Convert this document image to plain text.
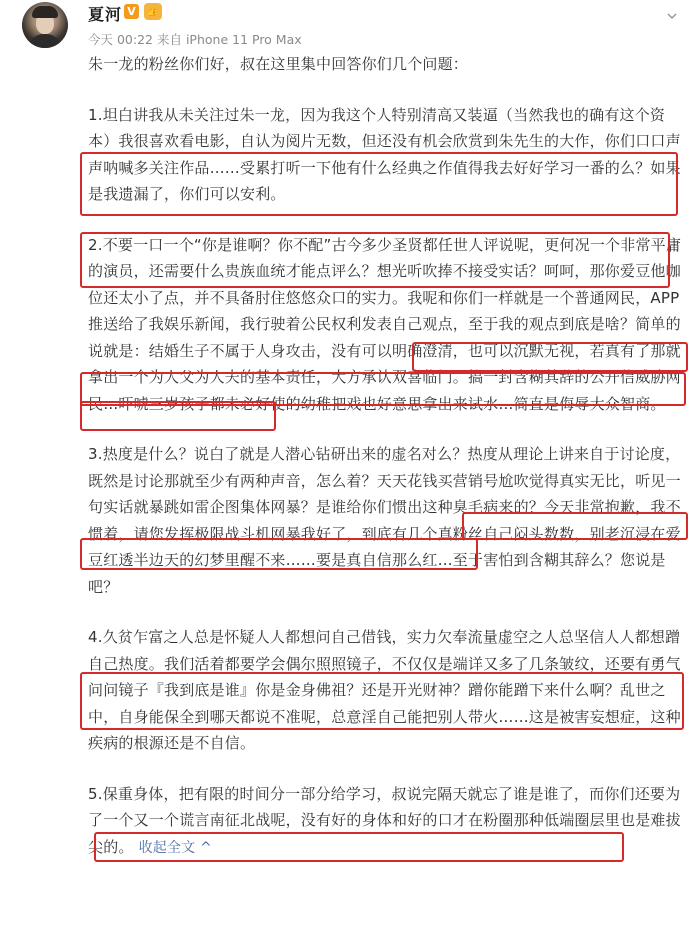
夏河 V	👍
今天 00:22 来自 iPhone 11 Pro Max

朱一龙的粉丝你们好，叔在这里集中回答你们几个问题：

1.坦白讲我从未关注过朱一龙，因为我这个人特别清高又装逼（当然我也的确有这个资本）我很喜欢看电影，自认为阅片无数，但还没有机会欣赏到朱先生的大作，你们口口声声呐喊多关注作品……受累打听一下他有什么经典之作值得我去好好学习一番的么？如果是我遗漏了，你们可以安利。

2.不要一口一个“你是谁啊？你不配”古今多少圣贤都任世人评说呢，更何况一个非常平庸的演员，还需要什么贵族血统才能点评么？想光听吹捧不接受实话？呵呵，那你爱豆他咖位还太小了点，并不具备肘住悠悠众口的实力。我呢和你们一样就是一个普通网民，APP推送给了我娱乐新闻，我行驶着公民权利发表自己观点，至于我的观点到底是啥？简单的说就是：结婚生子不属于人身攻击，没有可以明确澄清，也可以沉默无视，若真有了那就拿出一个为人父为人夫的基本责任，大方承认双喜临门。搞一封含糊其辞的公开信威胁网民…吓唬三岁孩子都未必好使的幼稚把戏也好意思拿出来试水…简直是侮辱大众智商。

3.热度是什么？说白了就是人潜心钻研出来的虚名对么？热度从理论上讲来自于讨论度，既然是讨论那就至少有两种声音，怎么着？天天花钱买营销号尬吹觉得真实无比，听见一句实话就暴跳如雷企图集体网暴？是谁给你们惯出这种臭毛病来的？今天非常抱歉，我不惯着，请您发挥极限战斗机网暴我好了，到底有几个真粉丝自己闷头数数，别老沉浸在爱豆红透半边天的幻梦里醒不来……要是真自信那么红…至于害怕到含糊其辞么？您说是吧？

4.久贫乍富之人总是怀疑人人都想问自己借钱，实力欠奉流量虚空之人总坚信人人都想蹭自己热度。我们活着都要学会偶尔照照镜子，不仅仅是端详又多了几条皱纹，还要有勇气问问镜子『我到底是谁』你是金身佛祖？还是开光财神？蹭你能蹭下来什么啊？乱世之中，自身能保全到哪天都说不准呢，总意淫自己能把别人带火……这是被害妄想症，这种疾病的根源还是不自信。

5.保重身体，把有限的时间分一部分给学习，叔说完隔天就忘了谁是谁了，而你们还要为了一个又一个谎言南征北战呢，没有好的身体和好的口才在粉圈那种低端圈层里也是难拔尖的。 收起全文 ^
